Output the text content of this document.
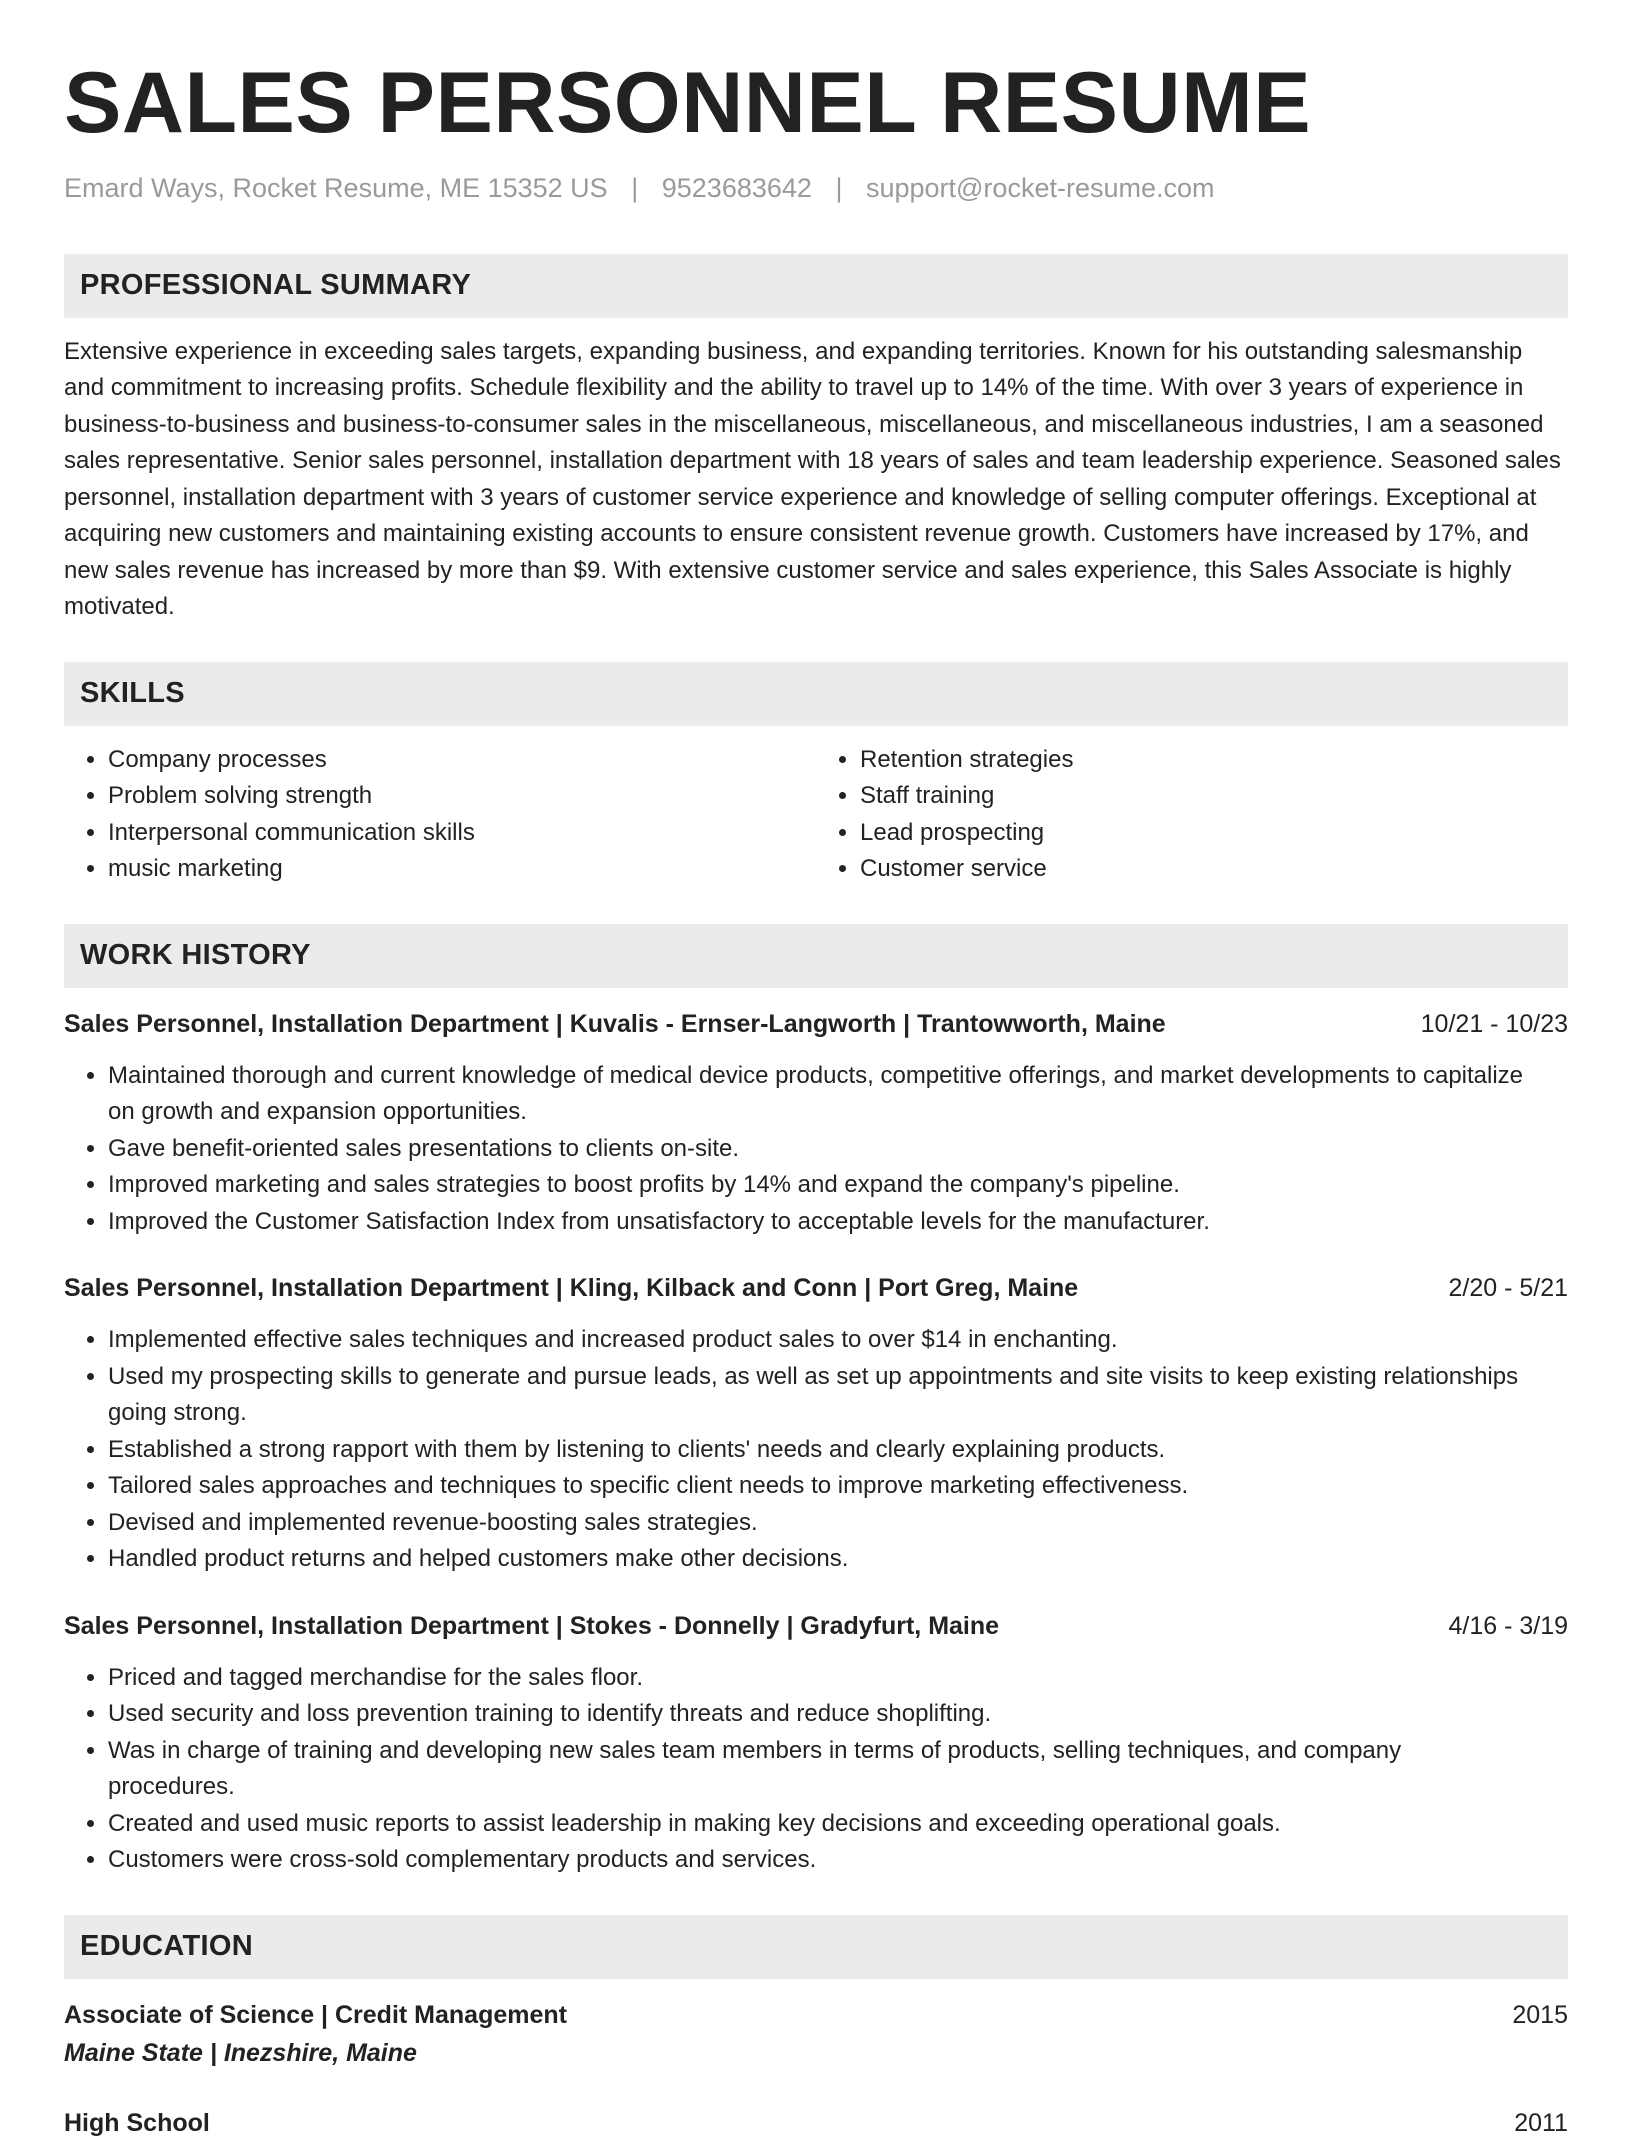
SALES PERSONNEL RESUME
Emard Ways, Rocket Resume, ME 15352 US | 9523683642 | support@rocket-resume.com
PROFESSIONAL SUMMARY

Extensive experience in exceeding sales targets, expanding business, and expanding territories. Known for his outstanding salesmanship and commitment to increasing profits. Schedule flexibility and the ability to travel up to 14% of the time. With over 3 years of experience in business-to-business and business-to-consumer sales in the miscellaneous, miscellaneous, and miscellaneous industries, I am a seasoned sales representative. Senior sales personnel, installation department with 18 years of sales and team leadership experience. Seasoned sales personnel, installation department with 3 years of customer service experience and knowledge of selling computer offerings. Exceptional at acquiring new customers and maintaining existing accounts to ensure consistent revenue growth. Customers have increased by 17%, and new sales revenue has increased by more than $9. With extensive customer service and sales experience, this Sales Associate is highly motivated.

SKILLS
• Company processes
• Problem solving strength
• Interpersonal communication skills
• music marketing
• Retention strategies
• Staff training
• Lead prospecting
• Customer service
WORK HISTORY
Sales Personnel, Installation Department | Kuvalis - Ernser-Langworth | Trantowworth, Maine	10/21 - 10/23
• Maintained thorough and current knowledge of medical device products, competitive offerings, and market developments to capitalize on growth and expansion opportunities.
• Gave benefit-oriented sales presentations to clients on-site.
• Improved marketing and sales strategies to boost profits by 14% and expand the company's pipeline.
• Improved the Customer Satisfaction Index from unsatisfactory to acceptable levels for the manufacturer.
Sales Personnel, Installation Department | Kling, Kilback and Conn | Port Greg, Maine	2/20 - 5/21
• Implemented effective sales techniques and increased product sales to over $14 in enchanting.
• Used my prospecting skills to generate and pursue leads, as well as set up appointments and site visits to keep existing relationships going strong.
• Established a strong rapport with them by listening to clients' needs and clearly explaining products.
• Tailored sales approaches and techniques to specific client needs to improve marketing effectiveness.
• Devised and implemented revenue-boosting sales strategies.
• Handled product returns and helped customers make other decisions.
Sales Personnel, Installation Department | Stokes - Donnelly | Gradyfurt, Maine	4/16 - 3/19
• Priced and tagged merchandise for the sales floor.
• Used security and loss prevention training to identify threats and reduce shoplifting.
• Was in charge of training and developing new sales team members in terms of products, selling techniques, and company procedures.
• Created and used music reports to assist leadership in making key decisions and exceeding operational goals.
• Customers were cross-sold complementary products and services.
EDUCATION
Associate of Science | Credit Management	2015
Maine State | Inezshire, Maine
High School	2011
